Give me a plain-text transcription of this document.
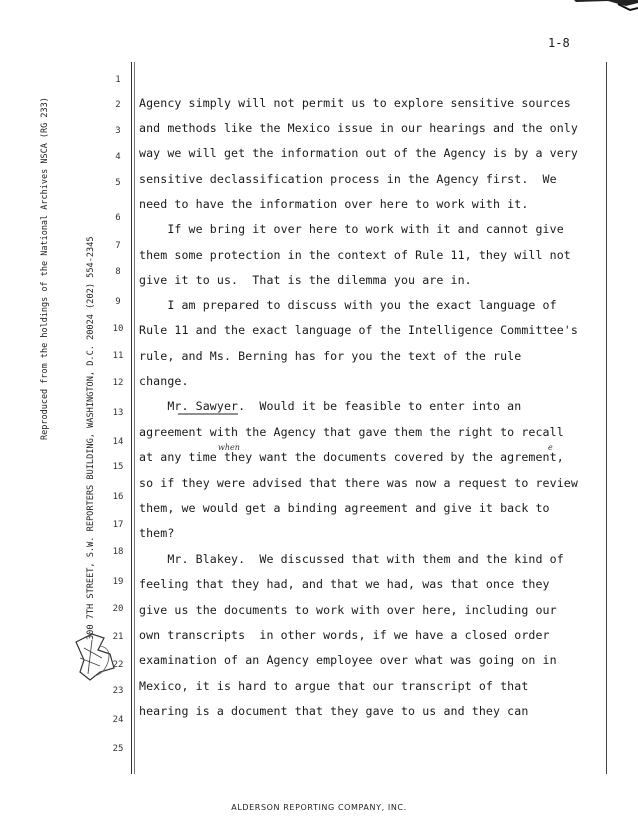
1-8
Reproduced from the holdings of the National Archives NSCA (RG 233)	300 7TH STREET, S.W. REPORTERS BUILDING, WASHINGTON, D.C. 20024 (202) 554-2345
1
2
3
4
5
6
7
8
9
10
11
12
13
14
15
16
17
18
19
20
21
22
23
24
25
Agency simply will not permit us to explore sensitive sources
and methods like the Mexico issue in our hearings and the only
way we will get the information out of the Agency is by a very
sensitive declassification process in the Agency first.  We
need to have the information over here to work with it.
If we bring it over here to work with it and cannot give
them some protection in the context of Rule 11, they will not
give it to us.  That is the dilemma you are in.
I am prepared to discuss with you the exact language of
Rule 11 and the exact language of the Intelligence Committee's
rule, and Ms. Berning has for you the text of the rule
change.
Mr. Sawyer.  Would it be feasible to enter into an
agreement with the Agency that gave them the right to recall
at any time they want the documents covered by the agrement,
so if they were advised that there was now a request to review
them, we would get a binding agreement and give it back to
them?
Mr. Blakey.  We discussed that with them and the kind of
feeling that they had, and that we had, was that once they
give us the documents to work with over here, including our
own transcripts  in other words, if we have a closed order
examination of an Agency employee over what was going on in
Mexico, it is hard to argue that our transcript of that
hearing is a document that they gave to us and they can
when	e
ALDERSON REPORTING COMPANY, INC.
